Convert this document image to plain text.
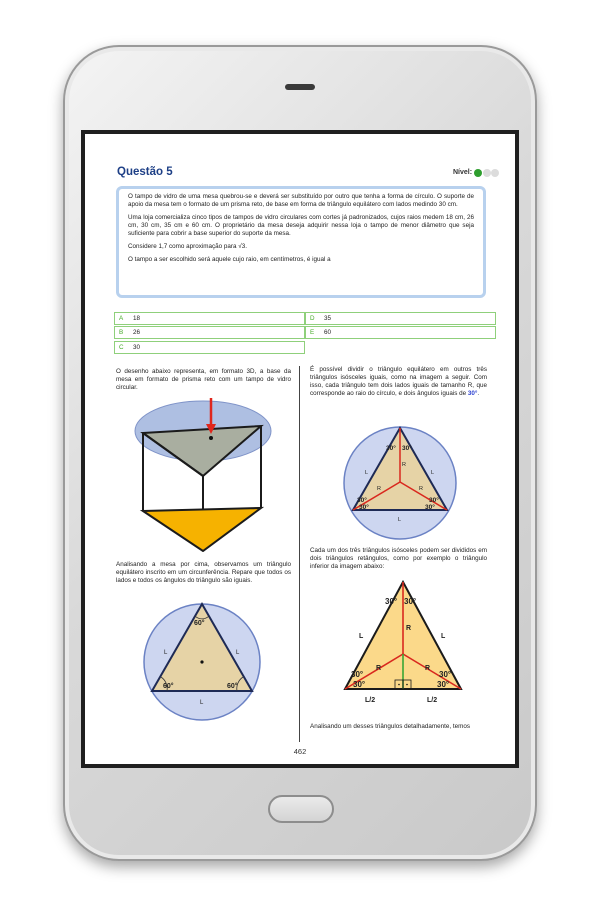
Questão 5	Nível:

O tampo de vidro de uma mesa quebrou-se e deverá ser substituído por outro que tenha a forma de círculo. O suporte de apoio da mesa tem o formato de um prisma reto, de base em forma de triângulo equilátero com lados medindo 30 cm.

Uma loja comercializa cinco tipos de tampos de vidro circulares com cortes já padronizados, cujos raios medem 18 cm, 26 cm, 30 cm, 35 cm e 60 cm. O proprietário da mesa deseja adquirir nessa loja o tampo de menor diâmetro que seja suficiente para cobrir a base superior do suporte da mesa.

Considere 1,7 como aproximação para √3.

O tampo a ser escolhido será aquele cujo raio, em centímetros, é igual a

A 18
B 26
C 30
D 35
E 60
O desenho abaixo representa, em formato 3D, a base da mesa em formato de prisma reto com um tampo de vidro circular.
Analisando a mesa por cima, observamos um triângulo equilátero inscrito em um circunferência. Repare que todos os lados e todos os ângulos do triângulo são iguais.
60°
60°	60°
L	L
L
É possível dividir o triângulo equilátero em outros três triângulos isósceles iguais, como na imagem a seguir. Com isso, cada triângulo tem dois lados iguais de tamanho R, que corresponde ao raio do círculo, e dois ângulos iguais de 30°.
30° 30°
30°
30°
30°
30°
R
R	R
L	L
L
Cada um dos três triângulos isósceles podem ser divididos em dois triângulos retângulos, como por exemplo o triângulo inferior da imagem abaixo:
30° 30°
30°
30°
30°
30°
R
R	R
L	L
L/2	L/2
Analisando um desses triângulos detalhadamente, temos
462
